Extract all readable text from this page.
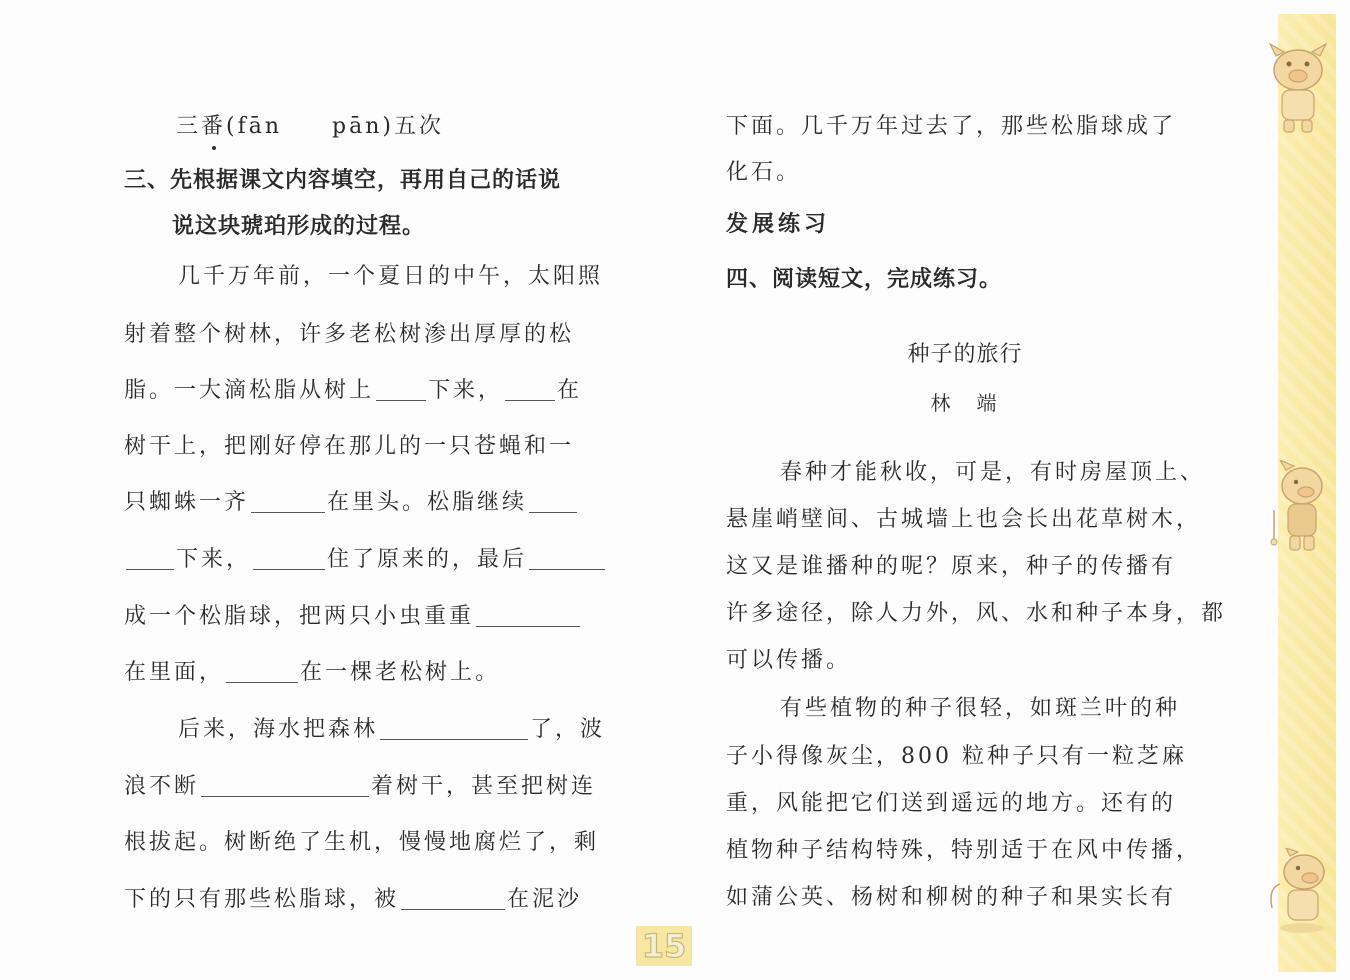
三番(fān　　pān)五次
三、先根据课文内容填空，再用自己的话说
说这块琥珀形成的过程。
几千万年前，一个夏日的中午，太阳照
射着整个树林，许多老松树渗出厚厚的松
脂。一大滴松脂从树上 下来， 在
树干上，把刚好停在那儿的一只苍蝇和一
只蜘蛛一齐	在里头。松脂继续
下来，	住了原来的，最后
成一个松脂球，把两只小虫重重
在里面，	在一棵老松树上。
后来，海水把森林	了，波
浪不断	着树干，甚至把树连
根拔起。树断绝了生机，慢慢地腐烂了，剩
下的只有那些松脂球，被	在泥沙
15
下面。几千万年过去了，那些松脂球成了
化石。
发展练习
四、阅读短文，完成练习。
种子的旅行
林　端
春种才能秋收，可是，有时房屋顶上、
悬崖峭壁间、古城墙上也会长出花草树木，
这又是谁播种的呢？原来，种子的传播有
许多途径，除人力外，风、水和种子本身，都
可以传播。
有些植物的种子很轻，如斑兰叶的种
子小得像灰尘，800 粒种子只有一粒芝麻
重，风能把它们送到遥远的地方。还有的
植物种子结构特殊，特别适于在风中传播，
如蒲公英、杨树和柳树的种子和果实长有
